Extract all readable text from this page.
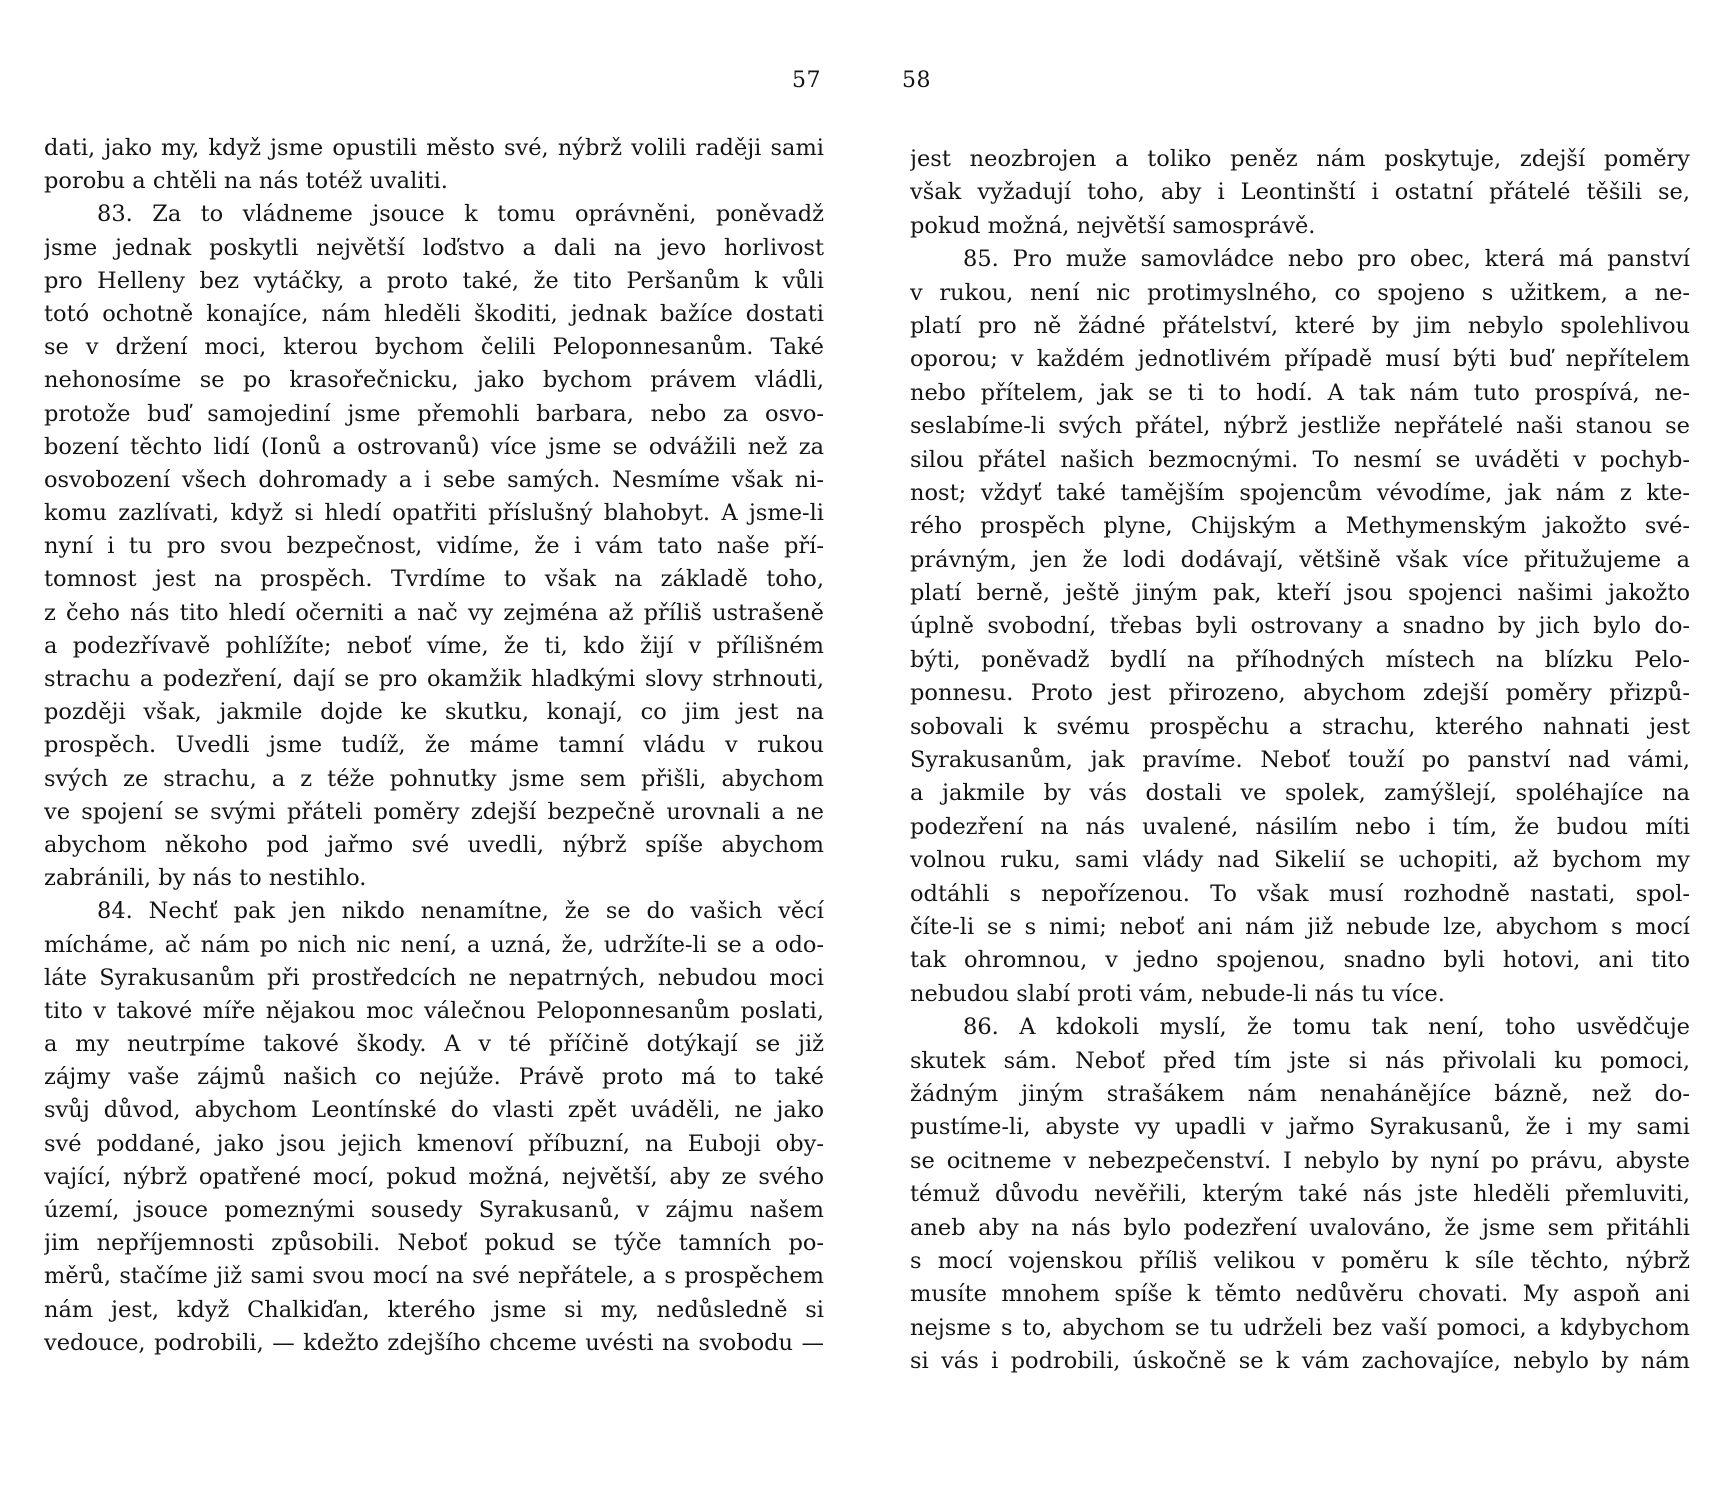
57
dati, jako my, když jsme opustili město své, nýbrž volili raději sami
porobu a chtěli na nás totéž uvaliti.
83. Za to vládneme jsouce k tomu oprávněni, poněvadž
jsme jednak poskytli největší loďstvo a dali na jevo horlivost
pro Helleny bez vytáčky, a proto také, že tito Peršanům k vůli
totó ochotně konajíce, nám hleděli škoditi, jednak bažíce dostati
se v držení moci, kterou bychom čelili Peloponnesanům. Také
nehonosíme se po krasořečnicku, jako bychom právem vládli,
protože buď samojediní jsme přemohli barbara, nebo za osvo-
bození těchto lidí (Ionů a ostrovanů) více jsme se odvážili než za
osvobození všech dohromady a i sebe samých. Nesmíme však ni-
komu zazlívati, když si hledí opatřiti příslušný blahobyt. A jsme-li
nyní i tu pro svou bezpečnost, vidíme, že i vám tato naše pří-
tomnost jest na prospěch. Tvrdíme to však na základě toho,
z čeho nás tito hledí očerniti a nač vy zejména až příliš ustrašeně
a podezřívavě pohlížíte; neboť víme, že ti, kdo žijí v přílišném
strachu a podezření, dají se pro okamžik hladkými slovy strhnouti,
později však, jakmile dojde ke skutku, konají, co jim jest na
prospěch. Uvedli jsme tudíž, že máme tamní vládu v rukou
svých ze strachu, a z téže pohnutky jsme sem přišli, abychom
ve spojení se svými přáteli poměry zdejší bezpečně urovnali a ne
abychom někoho pod jařmo své uvedli, nýbrž spíše abychom
zabránili, by nás to nestihlo.
84. Nechť pak jen nikdo nenamítne, že se do vašich věcí
mícháme, ač nám po nich nic není, a uzná, že, udržíte-li se a odo-
láte Syrakusanům při prostředcích ne nepatrných, nebudou moci
tito v takové míře nějakou moc válečnou Peloponnesanům poslati,
a my neutrpíme takové škody. A v té příčině dotýkají se již
zájmy vaše zájmů našich co nejúže. Právě proto má to také
svůj důvod, abychom Leontínské do vlasti zpět uváděli, ne jako
své poddané, jako jsou jejich kmenoví příbuzní, na Euboji oby-
vající, nýbrž opatřené mocí, pokud možná, největší, aby ze svého
území, jsouce pomeznými sousedy Syrakusanů, v zájmu našem
jim nepříjemnosti způsobili. Neboť pokud se týče tamních po-
měrů, stačíme již sami svou mocí na své nepřátele, a s prospěchem
nám jest, když Chalkiďan, kterého jsme si my, nedůsledně si
vedouce, podrobili, — kdežto zdejšího chceme uvésti na svobodu —
58
jest neozbrojen a toliko peněz nám poskytuje, zdejší poměry
však vyžadují toho, aby i Leontinští i ostatní přátelé těšili se,
pokud možná, největší samosprávě.
85. Pro muže samovládce nebo pro obec, která má panství
v rukou, není nic protimyslného, co spojeno s užitkem, a ne-
platí pro ně žádné přátelství, které by jim nebylo spolehlivou
oporou; v každém jednotlivém případě musí býti buď nepřítelem
nebo přítelem, jak se ti to hodí. A tak nám tuto prospívá, ne-
seslabíme-li svých přátel, nýbrž jestliže nepřátelé naši stanou se
silou přátel našich bezmocnými. To nesmí se uváděti v pochyb-
nost; vždyť také tamějším spojencům vévodíme, jak nám z kte-
rého prospěch plyne, Chijským a Methymenským jakožto své-
právným, jen že lodi dodávají, většině však více přitužujeme a
platí berně, ještě jiným pak, kteří jsou spojenci našimi jakožto
úplně svobodní, třebas byli ostrovany a snadno by jich bylo do-
býti, poněvadž bydlí na příhodných místech na blízku Pelo-
ponnesu. Proto jest přirozeno, abychom zdejší poměry přizpů-
sobovali k svému prospěchu a strachu, kterého nahnati jest
Syrakusanům, jak pravíme. Neboť touží po panství nad vámi,
a jakmile by vás dostali ve spolek, zamýšlejí, spoléhajíce na
podezření na nás uvalené, násilím nebo i tím, že budou míti
volnou ruku, sami vlády nad Sikelií se uchopiti, až bychom my
odtáhli s nepořízenou. To však musí rozhodně nastati, spol-
číte-li se s nimi; neboť ani nám již nebude lze, abychom s mocí
tak ohromnou, v jedno spojenou, snadno byli hotovi, ani tito
nebudou slabí proti vám, nebude-li nás tu více.
86. A kdokoli myslí, že tomu tak není, toho usvědčuje
skutek sám. Neboť před tím jste si nás přivolali ku pomoci,
žádným jiným strašákem nám nenahánějíce bázně, než do-
pustíme-li, abyste vy upadli v jařmo Syrakusanů, že i my sami
se ocitneme v nebezpečenství. I nebylo by nyní po právu, abyste
témuž důvodu nevěřili, kterým také nás jste hleděli přemluviti,
aneb aby na nás bylo podezření uvalováno, že jsme sem přitáhli
s mocí vojenskou příliš velikou v poměru k síle těchto, nýbrž
musíte mnohem spíše k těmto nedůvěru chovati. My aspoň ani
nejsme s to, abychom se tu udrželi bez vaší pomoci, a kdybychom
si vás i podrobili, úskočně se k vám zachovajíce, nebylo by nám
